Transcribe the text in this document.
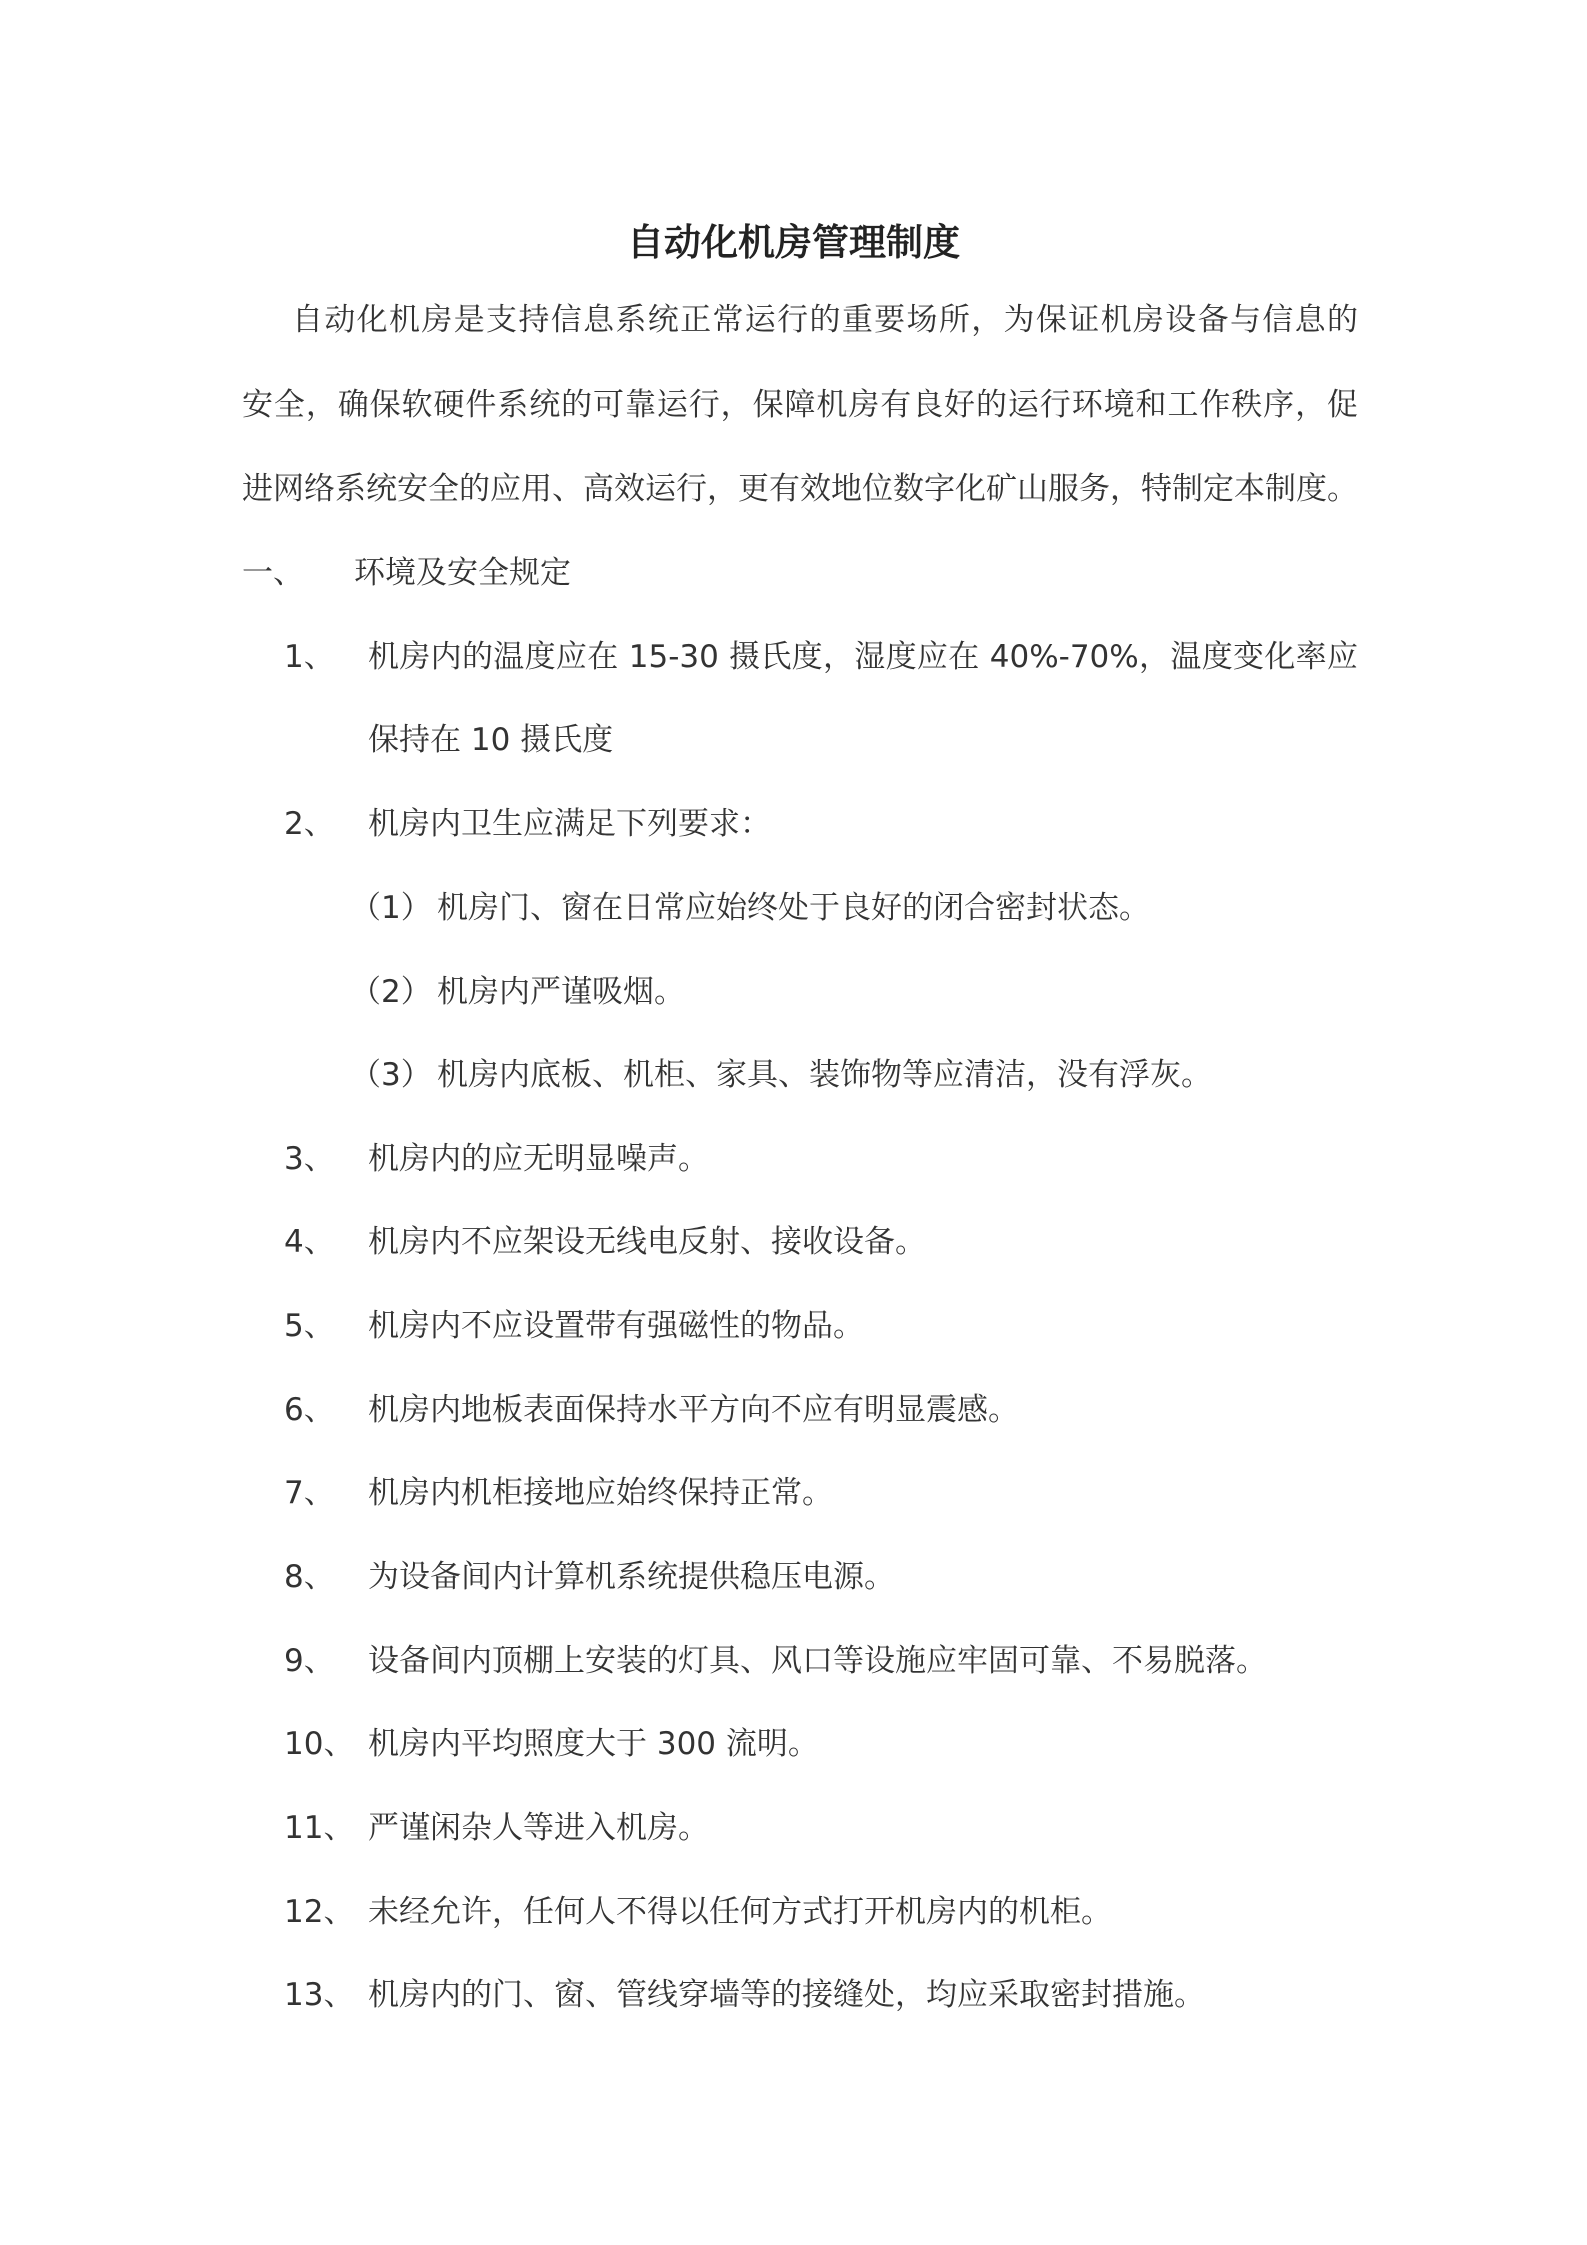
自动化机房管理制度
自动化机房是支持信息系统正常运行的重要场所，为保证机房设备与信息的
安全，确保软硬件系统的可靠运行，保障机房有良好的运行环境和工作秩序，促
进网络系统安全的应用、高效运行，更有效地位数字化矿山服务，特制定本制度。
一、 环境及安全规定
1、 机房内的温度应在 15-30 摄氏度，湿度应在 40%-70%，温度变化率应
保持在 10 摄氏度
2、 机房内卫生应满足下列要求：
（1） 机房门、窗在日常应始终处于良好的闭合密封状态。
（2） 机房内严谨吸烟。
（3） 机房内底板、机柜、家具、装饰物等应清洁，没有浮灰。
3、 机房内的应无明显噪声。
4、 机房内不应架设无线电反射、接收设备。
5、 机房内不应设置带有强磁性的物品。
6、 机房内地板表面保持水平方向不应有明显震感。
7、 机房内机柜接地应始终保持正常。
8、 为设备间内计算机系统提供稳压电源。
9、 设备间内顶棚上安装的灯具、风口等设施应牢固可靠、不易脱落。
10、 机房内平均照度大于 300 流明。
11、 严谨闲杂人等进入机房。
12、 未经允许，任何人不得以任何方式打开机房内的机柜。
13、 机房内的门、窗、管线穿墙等的接缝处，均应采取密封措施。
